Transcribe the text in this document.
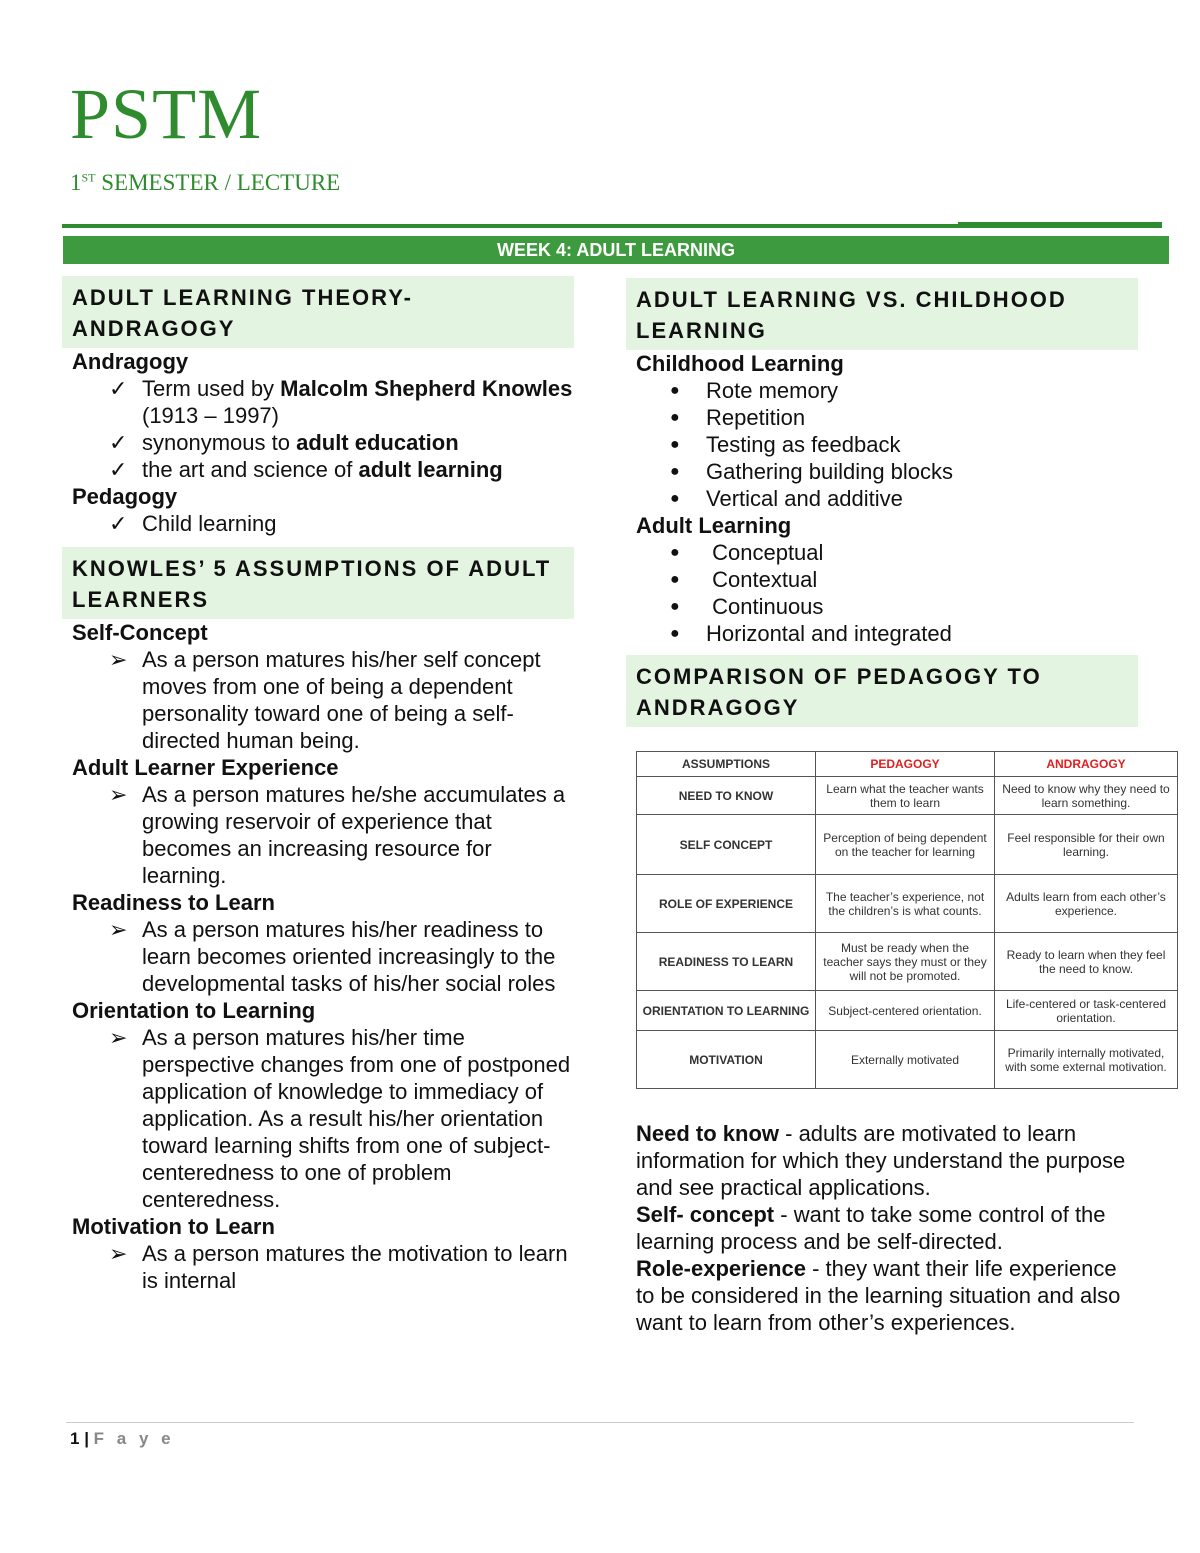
PSTM
1ST SEMESTER / LECTURE
WEEK 4: ADULT LEARNING
ADULT LEARNING THEORY- ANDRAGOGY
Andragogy
✓ Term used by Malcolm Shepherd Knowles (1913 – 1997)
✓ synonymous to adult education
✓ the art and science of adult learning
Pedagogy
✓ Child learning
KNOWLES’ 5 ASSUMPTIONS OF ADULT LEARNERS
Self-Concept
➢ As a person matures his/her self concept moves from one of being a dependent personality toward one of being a self-directed human being.
Adult Learner Experience
➢ As a person matures he/she accumulates a growing reservoir of experience that becomes an increasing resource for learning.
Readiness to Learn
➢ As a person matures his/her readiness to learn becomes oriented increasingly to the developmental tasks of his/her social roles
Orientation to Learning
➢ As a person matures his/her time perspective changes from one of postponed application of knowledge to immediacy of application. As a result his/her orientation toward learning shifts from one of subject- centeredness to one of problem centeredness.
Motivation to Learn
➢ As a person matures the motivation to learn is internal
ADULT LEARNING VS. CHILDHOOD LEARNING
Childhood Learning
● Rote memory
● Repetition
● Testing as feedback
● Gathering building blocks
● Vertical and additive
Adult Learning
● Conceptual
● Contextual
● Continuous
● Horizontal and integrated
COMPARISON OF PEDAGOGY TO ANDRAGOGY
ASSUMPTIONS	PEDAGOGY	ANDRAGOGY
NEED TO KNOW	Learn what the teacher wants them to learn	Need to know why they need to learn something.
SELF CONCEPT	Perception of being dependent on the teacher for learning	Feel responsible for their own learning.
ROLE OF EXPERIENCE	The teacher’s experience, not the children’s is what counts.	Adults learn from each other’s experience.
READINESS TO LEARN	Must be ready when the teacher says they must or they will not be promoted.	Ready to learn when they feel the need to know.
ORIENTATION TO LEARNING	Subject-centered orientation.	Life-centered or task-centered orientation.
MOTIVATION	Externally motivated	Primarily internally motivated, with some external motivation.

Need to know - adults are motivated to learn information for which they understand the purpose and see practical applications.

Self- concept - want to take some control of the learning process and be self-directed.

Role-experience - they want their life experience to be considered in the learning situation and also want to learn from other’s experiences.

1 | F a y e
